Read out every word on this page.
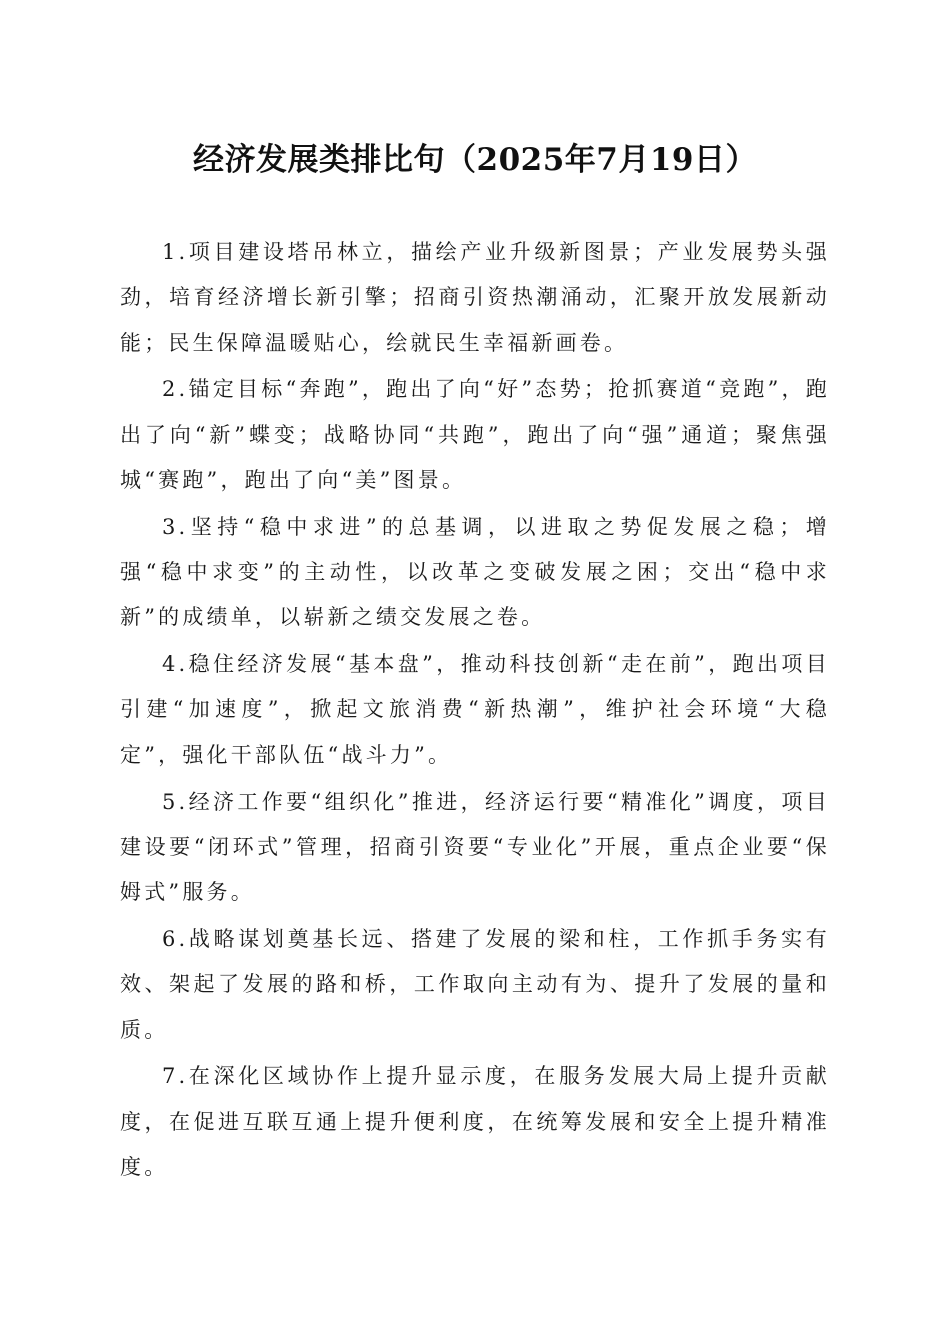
经济发展类排比句（2025年7月19日）

1.项目建设塔吊林立，描绘产业升级新图景；产业发展势头强劲，培育经济增长新引擎；招商引资热潮涌动，汇聚开放发展新动能；民生保障温暖贴心，绘就民生幸福新画卷。

2.锚定目标“奔跑”，跑出了向“好”态势；抢抓赛道“竞跑”，跑出了向“新”蝶变；战略协同“共跑”，跑出了向“强”通道；聚焦强城“赛跑”，跑出了向“美”图景。

3.坚持“稳中求进”的总基调，以进取之势促发展之稳；增强“稳中求变”的主动性，以改革之变破发展之困；交出“稳中求新”的成绩单，以崭新之绩交发展之卷。

4.稳住经济发展“基本盘”，推动科技创新“走在前”，跑出项目引建“加速度”，掀起文旅消费“新热潮”，维护社会环境“大稳定”，强化干部队伍“战斗力”。

5.经济工作要“组织化”推进，经济运行要“精准化”调度，项目建设要“闭环式”管理，招商引资要“专业化”开展，重点企业要“保姆式”服务。

6.战略谋划奠基长远、搭建了发展的梁和柱，工作抓手务实有效、架起了发展的路和桥，工作取向主动有为、提升了发展的量和质。

7.在深化区域协作上提升显示度，在服务发展大局上提升贡献度，在促进互联互通上提升便利度，在统筹发展和安全上提升精准度。
